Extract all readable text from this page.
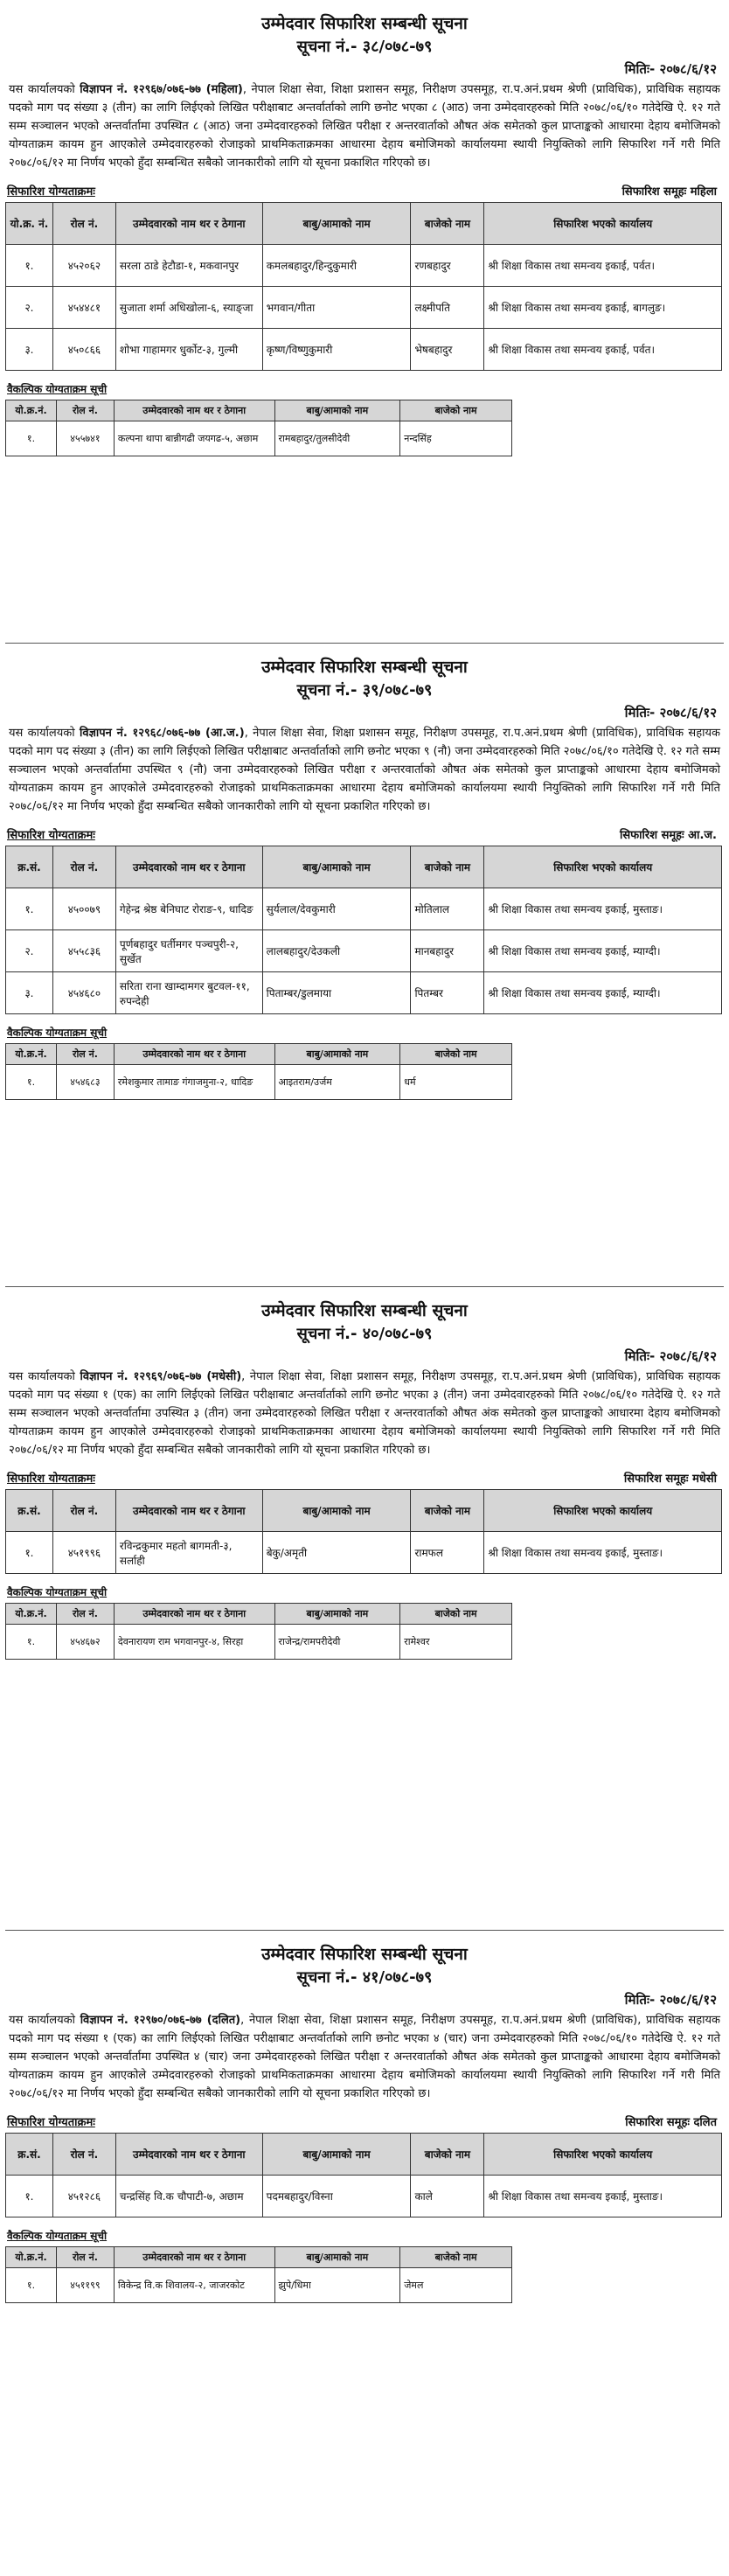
उम्मेदवार सिफारिश सम्बन्धी सूचना
सूचना नं.- ३८/०७८-७९
मितिः- २०७८/६/१२

यस कार्यालयको विज्ञापन नं. १२९६७/०७६-७७ (महिला), नेपाल शिक्षा सेवा, शिक्षा प्रशासन समूह, निरीक्षण उपसमूह, रा.प.अनं.प्रथम श्रेणी (प्राविधिक), प्राविधिक सहायक पदको माग पद संख्या ३ (तीन) का लागि लिईएको लिखित परीक्षाबाट अन्तर्वार्ताको लागि छनोट भएका ८ (आठ) जना उम्मेदवारहरुको मिति २०७८/०६/१० गतेदेखि ऐ. १२ गते सम्म सञ्चालन भएको अन्तर्वार्तामा उपस्थित ८ (आठ) जना उम्मेदवारहरुको लिखित परीक्षा र अन्तरवार्ताको औषत अंक समेतको कुल प्राप्ताङ्कको आधारमा देहाय बमोजिमको योग्यताक्रम कायम हुन आएकोले उम्मेदवारहरुको रोजाइको प्राथमिकताक्रमका आधारमा देहाय बमोजिमको कार्यालयमा स्थायी नियुक्तिको लागि सिफारिश गर्ने गरी मिति २०७८/०६/१२ मा निर्णय भएको हुँदा सम्बन्धित सबैको जानकारीको लागि यो सूचना प्रकाशित गरिएको छ।

सिफारिश योग्यताक्रमः	सिफारिश समूहः महिला
यो.क्र. नं.	रोल नं.	उम्मेदवारको नाम थर र ठेगाना	बाबु/आमाको नाम	बाजेको नाम	सिफारिश भएको कार्यालय
१.	४५२०६२	सरला ठाडे हेटौडा-१, मकवानपुर	कमलबहादुर/हिन्दुकुमारी	रणबहादुर	श्री शिक्षा विकास तथा समन्वय इकाई, पर्वत।
२.	४५४४८१	सुजाता शर्मा अधिखोला-६, स्याङ्जा	भगवान/गीता	लक्ष्मीपति	श्री शिक्षा विकास तथा समन्वय इकाई, बागलुङ।
३.	४५०८६६	शोभा गाहामगर धुर्कोट-३, गुल्मी	कृष्ण/विष्णुकुमारी	भेषबहादुर	श्री शिक्षा विकास तथा समन्वय इकाई, पर्वत।
वैकल्पिक योग्यताक्रम सूची
यो.क्र.नं.	रोल नं.	उम्मेदवारको नाम थर र ठेगाना	बाबु/आमाको नाम	बाजेको नाम
१.	४५५७४१	कल्पना थापा बान्नीगढी जयगढ-५, अछाम	रामबहादुर/तुलसीदेवी	नन्दसिंह
उम्मेदवार सिफारिश सम्बन्धी सूचना
सूचना नं.- ३९/०७८-७९
मितिः- २०७८/६/१२

यस कार्यालयको विज्ञापन नं. १२९६८/०७६-७७ (आ.ज.), नेपाल शिक्षा सेवा, शिक्षा प्रशासन समूह, निरीक्षण उपसमूह, रा.प.अनं.प्रथम श्रेणी (प्राविधिक), प्राविधिक सहायक पदको माग पद संख्या ३ (तीन) का लागि लिईएको लिखित परीक्षाबाट अन्तर्वार्ताको लागि छनोट भएका ९ (नौ) जना उम्मेदवारहरुको मिति २०७८/०६/१० गतेदेखि ऐ. १२ गते सम्म सञ्चालन भएको अन्तर्वार्तामा उपस्थित ९ (नौ) जना उम्मेदवारहरुको लिखित परीक्षा र अन्तरवार्ताको औषत अंक समेतको कुल प्राप्ताङ्कको आधारमा देहाय बमोजिमको योग्यताक्रम कायम हुन आएकोले उम्मेदवारहरुको रोजाइको प्राथमिकताक्रमका आधारमा देहाय बमोजिमको कार्यालयमा स्थायी नियुक्तिको लागि सिफारिश गर्ने गरी मिति २०७८/०६/१२ मा निर्णय भएको हुँदा सम्बन्धित सबैको जानकारीको लागि यो सूचना प्रकाशित गरिएको छ।

सिफारिश योग्यताक्रमः	सिफारिश समूहः आ.ज.
क्र.सं.	रोल नं.	उम्मेदवारको नाम थर र ठेगाना	बाबु/आमाको नाम	बाजेको नाम	सिफारिश भएको कार्यालय
१.	४५००७९	गेहेन्द्र श्रेष्ठ बेनिघाट रोराङ-९, धादिङ	सुर्यलाल/देवकुमारी	मोतिलाल	श्री शिक्षा विकास तथा समन्वय इकाई, मुस्ताङ।
२.	४५५८३६	पूर्णबहादुर घर्तीमगर पञ्चपुरी-२, सुर्खेत	लालबहादुर/देउकली	मानबहादुर	श्री शिक्षा विकास तथा समन्वय इकाई, म्याग्दी।
३.	४५४६८०	सरिता राना खाम्दामगर बुटवल-११, रुपन्देही	पिताम्बर/डुलमाया	पितम्बर	श्री शिक्षा विकास तथा समन्वय इकाई, म्याग्दी।
वैकल्पिक योग्यताक्रम सूची
यो.क्र.नं.	रोल नं.	उम्मेदवारको नाम थर र ठेगाना	बाबु/आमाको नाम	बाजेको नाम
१.	४५४६८३	रमेशकुमार तामाङ गंगाजमुना-२, धादिङ	आइतराम/उर्जम	धर्म
उम्मेदवार सिफारिश सम्बन्धी सूचना
सूचना नं.- ४०/०७८-७९
मितिः- २०७८/६/१२

यस कार्यालयको विज्ञापन नं. १२९६९/०७६-७७ (मधेसी), नेपाल शिक्षा सेवा, शिक्षा प्रशासन समूह, निरीक्षण उपसमूह, रा.प.अनं.प्रथम श्रेणी (प्राविधिक), प्राविधिक सहायक पदको माग पद संख्या १ (एक) का लागि लिईएको लिखित परीक्षाबाट अन्तर्वार्ताको लागि छनोट भएका ३ (तीन) जना उम्मेदवारहरुको मिति २०७८/०६/१० गतेदेखि ऐ. १२ गते सम्म सञ्चालन भएको अन्तर्वार्तामा उपस्थित ३ (तीन) जना उम्मेदवारहरुको लिखित परीक्षा र अन्तरवार्ताको औषत अंक समेतको कुल प्राप्ताङ्कको आधारमा देहाय बमोजिमको योग्यताक्रम कायम हुन आएकोले उम्मेदवारहरुको रोजाइको प्राथमिकताक्रमका आधारमा देहाय बमोजिमको कार्यालयमा स्थायी नियुक्तिको लागि सिफारिश गर्ने गरी मिति २०७८/०६/१२ मा निर्णय भएको हुँदा सम्बन्धित सबैको जानकारीको लागि यो सूचना प्रकाशित गरिएको छ।

सिफारिश योग्यताक्रमः	सिफारिश समूहः मधेसी
क्र.सं.	रोल नं.	उम्मेदवारको नाम थर र ठेगाना	बाबु/आमाको नाम	बाजेको नाम	सिफारिश भएको कार्यालय
१.	४५१९९६	रविन्द्रकुमार महतो बागमती-३, सर्लाही	बेकु/अमृती	रामफल	श्री शिक्षा विकास तथा समन्वय इकाई, मुस्ताङ।
वैकल्पिक योग्यताक्रम सूची
यो.क्र.नं.	रोल नं.	उम्मेदवारको नाम थर र ठेगाना	बाबु/आमाको नाम	बाजेको नाम
१.	४५४६७२	देवनारायण राम भगवानपुर-४, सिरहा	राजेन्द्र/रामपरीदेवी	रामेश्वर
उम्मेदवार सिफारिश सम्बन्धी सूचना
सूचना नं.- ४१/०७८-७९
मितिः- २०७८/६/१२

यस कार्यालयको विज्ञापन नं. १२९७०/०७६-७७ (दलित), नेपाल शिक्षा सेवा, शिक्षा प्रशासन समूह, निरीक्षण उपसमूह, रा.प.अनं.प्रथम श्रेणी (प्राविधिक), प्राविधिक सहायक पदको माग पद संख्या १ (एक) का लागि लिईएको लिखित परीक्षाबाट अन्तर्वार्ताको लागि छनोट भएका ४ (चार) जना उम्मेदवारहरुको मिति २०७८/०६/१० गतेदेखि ऐ. १२ गते सम्म सञ्चालन भएको अन्तर्वार्तामा उपस्थित ४ (चार) जना उम्मेदवारहरुको लिखित परीक्षा र अन्तरवार्ताको औषत अंक समेतको कुल प्राप्ताङ्कको आधारमा देहाय बमोजिमको योग्यताक्रम कायम हुन आएकोले उम्मेदवारहरुको रोजाइको प्राथमिकताक्रमका आधारमा देहाय बमोजिमको कार्यालयमा स्थायी नियुक्तिको लागि सिफारिश गर्ने गरी मिति २०७८/०६/१२ मा निर्णय भएको हुँदा सम्बन्धित सबैको जानकारीको लागि यो सूचना प्रकाशित गरिएको छ।

सिफारिश योग्यताक्रमः	सिफारिश समूहः दलित
क्र.सं.	रोल नं.	उम्मेदवारको नाम थर र ठेगाना	बाबु/आमाको नाम	बाजेको नाम	सिफारिश भएको कार्यालय
१.	४५१२८६	चन्द्रसिंह वि.क चौपाटी-७, अछाम	पदमबहादुर/विस्ना	काले	श्री शिक्षा विकास तथा समन्वय इकाई, मुस्ताङ।
वैकल्पिक योग्यताक्रम सूची
यो.क्र.नं.	रोल नं.	उम्मेदवारको नाम थर र ठेगाना	बाबु/आमाको नाम	बाजेको नाम
१.	४५११९९	विकेन्द्र वि.क शिवालय-२, जाजरकोट	झुपे/धिमा	जेमल
